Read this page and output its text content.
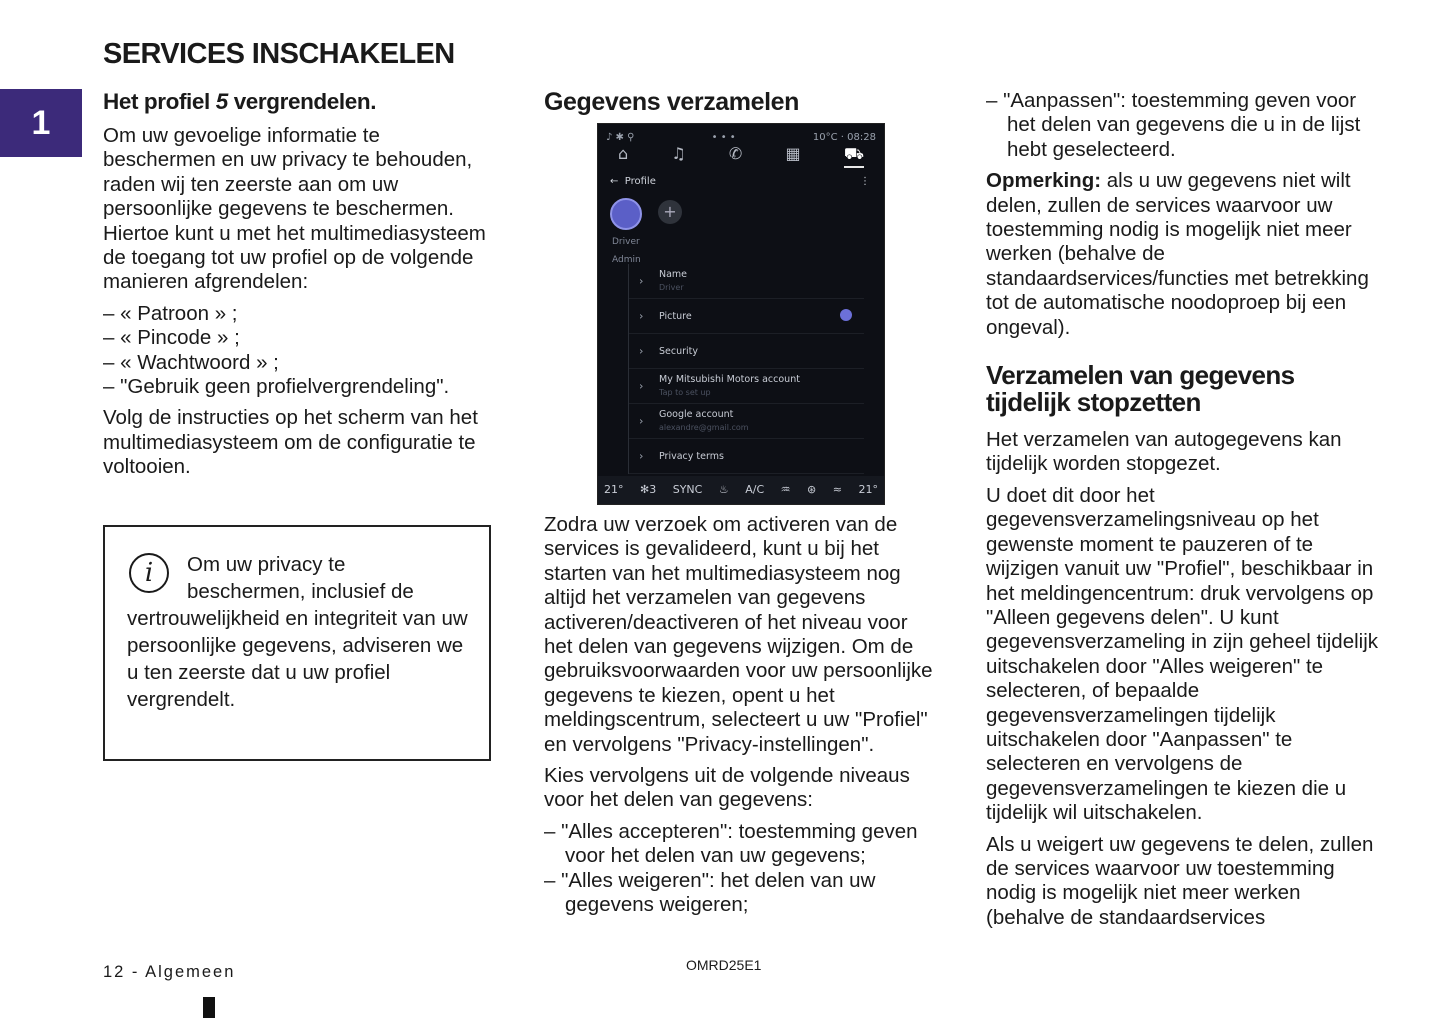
SERVICES INSCHAKELEN
1
Het profiel 5 vergrendelen.

Om uw gevoelige informatie te beschermen en uw privacy te behouden, raden wij ten zeerste aan om uw persoonlijke gegevens te beschermen. Hiertoe kunt u met het multimediasysteem de toegang tot uw profiel op de volgende manieren afgrendelen:

– « Patroon » ;
– « Pincode » ;
– « Wachtwoord » ;
– "Gebruik geen profielvergrendeling".

Volg de instructies op het scherm van het multimediasysteem om de configuratie te voltooien.

i	Om uw privacy te beschermen, inclusief de vertrouwelijkheid en integriteit van uw persoonlijke gegevens, adviseren we u ten zeerste dat u uw profiel vergrendelt.
Gegevens verzamelen
♪ ✱ ⚲	• • •	10°C · 08:28
⌂	♫	✆	▦	⛟
← Profile	⋮
+
Driver
Admin
› Name
Driver
› Picture
› Security
› My Mitsubishi Motors account
Tap to set up
› Google account
alexandre@gmail.com
› Privacy terms
21° ✻3 SYNC ♨ A/C ♒ ⊛ ≈ 21°

Zodra uw verzoek om activeren van de services is gevalideerd, kunt u bij het starten van het multimediasysteem nog altijd het verzamelen van gegevens activeren/deactiveren of het niveau voor het delen van gegevens wijzigen. Om de gebruiksvoorwaarden voor uw persoonlijke gegevens te kiezen, opent u het meldingscentrum, selecteert u uw "Profiel" en vervolgens "Privacy-instellingen".

Kies vervolgens uit de volgende niveaus voor het delen van gegevens:

– "Alles accepteren": toestemming geven voor het delen van uw gegevens;
– "Alles weigeren": het delen van uw gegevens weigeren;
– "Aanpassen": toestemming geven voor het delen van gegevens die u in de lijst hebt geselecteerd.

Opmerking: als u uw gegevens niet wilt delen, zullen de services waarvoor uw toestemming nodig is mogelijk niet meer werken (behalve de standaardservices/functies met betrekking tot de automatische noodoproep bij een ongeval).

Verzamelen van gegevens tijdelijk stopzetten

Het verzamelen van autogegevens kan tijdelijk worden stopgezet.

U doet dit door het gegevensverzamelingsniveau op het gewenste moment te pauzeren of te wijzigen vanuit uw "Profiel", beschikbaar in het meldingencentrum: druk vervolgens op "Alleen gegevens delen". U kunt gegevensverzameling in zijn geheel tijdelijk uitschakelen door "Alles weigeren" te selecteren, of bepaalde gegevensverzamelingen tijdelijk uitschakelen door "Aanpassen" te selecteren en vervolgens de gegevensverzamelingen te kiezen die u tijdelijk wil uitschakelen.

Als u weigert uw gegevens te delen, zullen de services waarvoor uw toestemming nodig is mogelijk niet meer werken (behalve de standaardservices

12 - Algemeen	OMRD25E1
